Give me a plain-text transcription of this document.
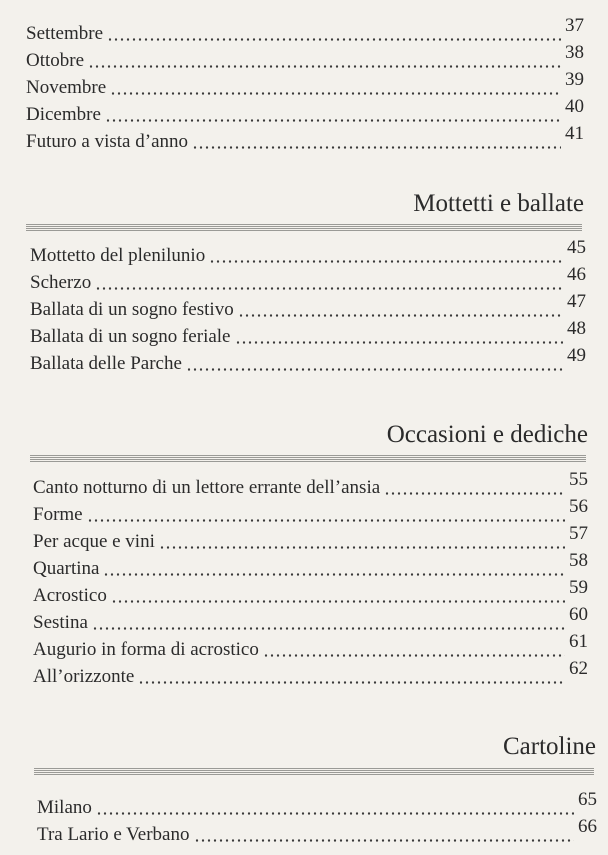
Settembre	37
Ottobre	38
Novembre	39
Dicembre	40
Futuro a vista d’anno	41
Mottetti e ballate
Mottetto del plenilunio	45
Scherzo	46
Ballata di un sogno festivo	47
Ballata di un sogno feriale	48
Ballata delle Parche	49
Occasioni e dediche
Canto notturno di un lettore errante dell’ansia	55
Forme	56
Per acque e vini	57
Quartina	58
Acrostico	59
Sestina	60
Augurio in forma di acrostico	61
All’orizzonte	62
Cartoline
Milano	65
Tra Lario e Verbano	66
